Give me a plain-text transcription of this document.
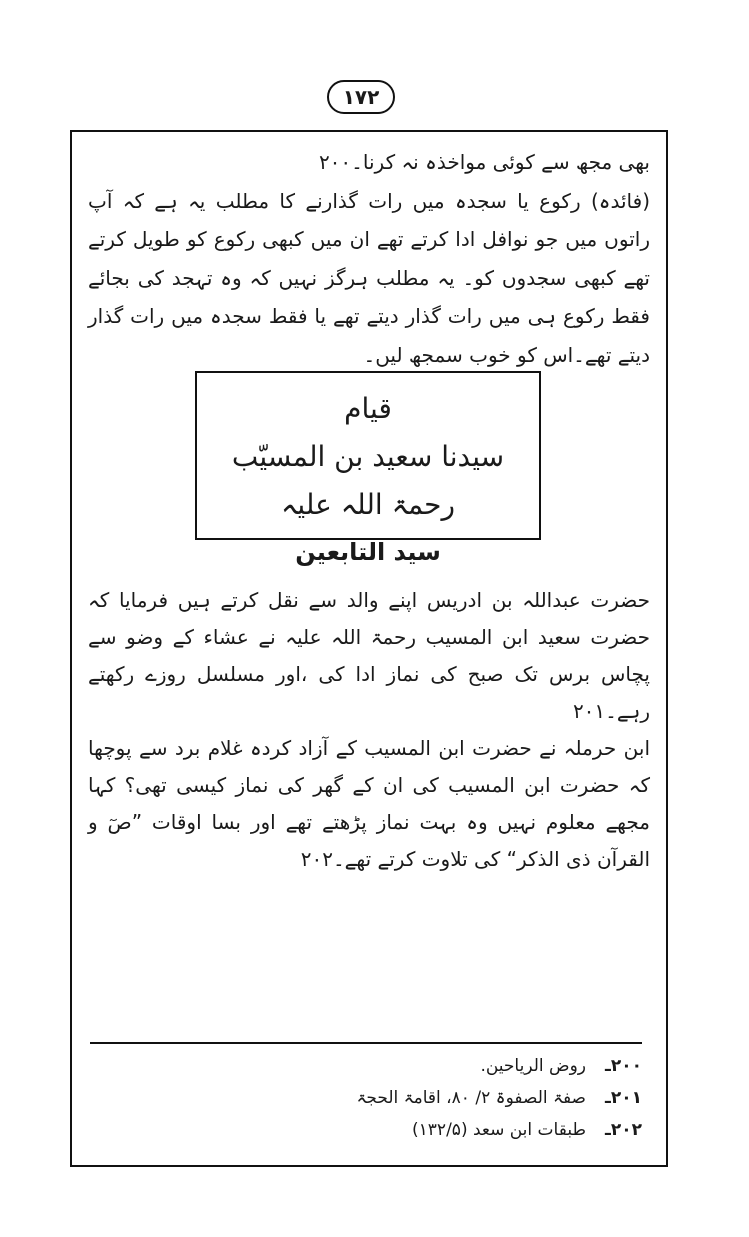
۱۷۲

بھی مجھ سے کوئی مواخذہ نہ کرنا۔۲۰۰

(فائدہ) رکوع یا سجدہ میں رات گذارنے کا مطلب یہ ہے کہ آپ راتوں میں جو نوافل ادا کرتے تھے ان میں کبھی رکوع کو طویل کرتے تھے کبھی سجدوں کو۔ یہ مطلب ہرگز نہیں کہ وہ تہجد کی بجائے فقط رکوع ہی میں رات گذار دیتے تھے یا فقط سجدہ میں رات گذار دیتے تھے۔اس کو خوب سمجھ لیں۔

قیام
سیدنا سعید بن المسیّب رحمۃ اللہ علیہ
سید التابعین

حضرت عبداللہ بن ادریس اپنے والد سے نقل کرتے ہیں فرمایا کہ حضرت سعید ابن المسیب رحمۃ اللہ علیہ نے عشاء کے وضو سے پچاس برس تک صبح کی نماز ادا کی ،اور مسلسل روزے رکھتے رہے۔۲۰۱

ابن حرملہ نے حضرت ابن المسیب کے آزاد کردہ غلام برد سے پوچھا کہ حضرت ابن المسیب کی ان کے گھر کی نماز کیسی تھی؟ کہا مجھے معلوم نہیں وہ بہت نماز پڑھتے تھے اور بسا اوقات ”صٓ و القرآن ذی الذکر“ کی تلاوت کرتے تھے۔۲۰۲

۲۰۰ـ
روض الریاحین.
۲۰۱ـ
صفۃ الصفوۃ ۲/ ۸۰، اقامۃ الحجۃ
۲۰۲ـ
طبقات ابن سعد (۱۳۲/۵)
